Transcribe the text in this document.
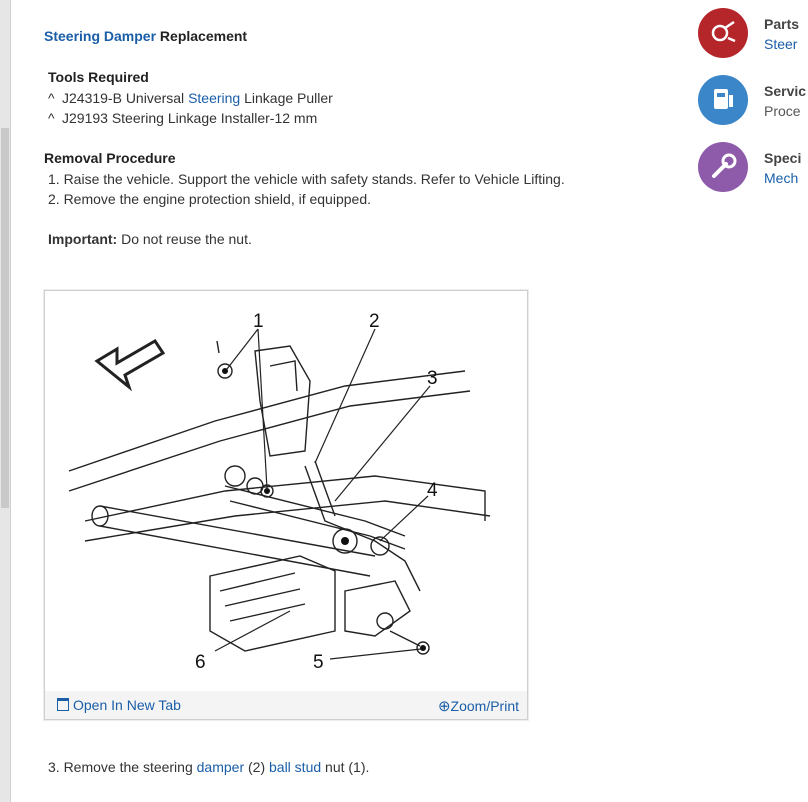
Steering Damper Replacement
Tools Required
^ J24319-B Universal Steering Linkage Puller
^ J29193 Steering Linkage Installer-12 mm
Removal Procedure
1. Raise the vehicle. Support the vehicle with safety stands. Refer to Vehicle Lifting.
2. Remove the engine protection shield, if equipped.
Important: Do not reuse the nut.
1	2
3
4
5
6
Open In New Tab	⊕Zoom/Print
3. Remove the steering damper (2) ball stud nut (1).
Parts
Steer
Servic
Proce
Speci
Mech
